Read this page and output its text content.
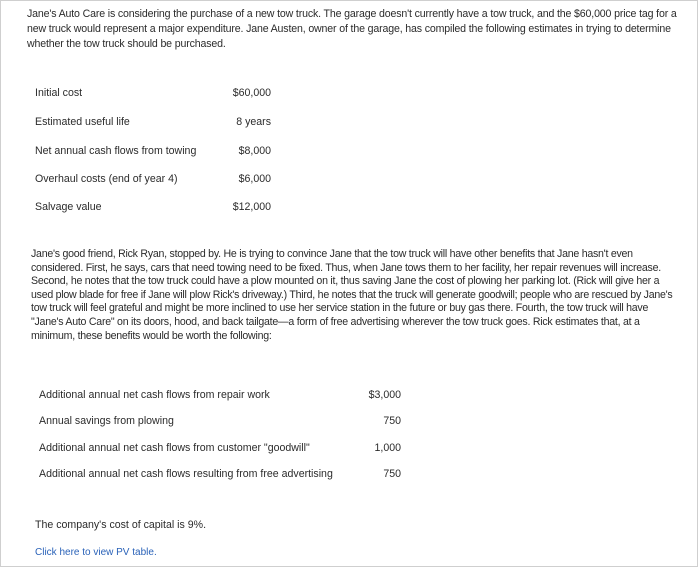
Jane's Auto Care is considering the purchase of a new tow truck. The garage doesn't currently have a tow truck, and the $60,000 price tag for a new truck would represent a major expenditure. Jane Austen, owner of the garage, has compiled the following estimates in trying to determine whether the tow truck should be purchased.
Initial cost	$60,000
Estimated useful life	8 years
Net annual cash flows from towing	$8,000
Overhaul costs (end of year 4)	$6,000
Salvage value	$12,000
Jane's good friend, Rick Ryan, stopped by. He is trying to convince Jane that the tow truck will have other benefits that Jane hasn't even considered. First, he says, cars that need towing need to be fixed. Thus, when Jane tows them to her facility, her repair revenues will increase. Second, he notes that the tow truck could have a plow mounted on it, thus saving Jane the cost of plowing her parking lot. (Rick will give her a used plow blade for free if Jane will plow Rick's driveway.) Third, he notes that the truck will generate goodwill; people who are rescued by Jane's tow truck will feel grateful and might be more inclined to use her service station in the future or buy gas there. Fourth, the tow truck will have "Jane's Auto Care" on its doors, hood, and back tailgate—a form of free advertising wherever the tow truck goes. Rick estimates that, at a minimum, these benefits would be worth the following:
Additional annual net cash flows from repair work	$3,000
Annual savings from plowing	750
Additional annual net cash flows from customer "goodwill"	1,000
Additional annual net cash flows resulting from free advertising	750
The company's cost of capital is 9%.
Click here to view PV table.
